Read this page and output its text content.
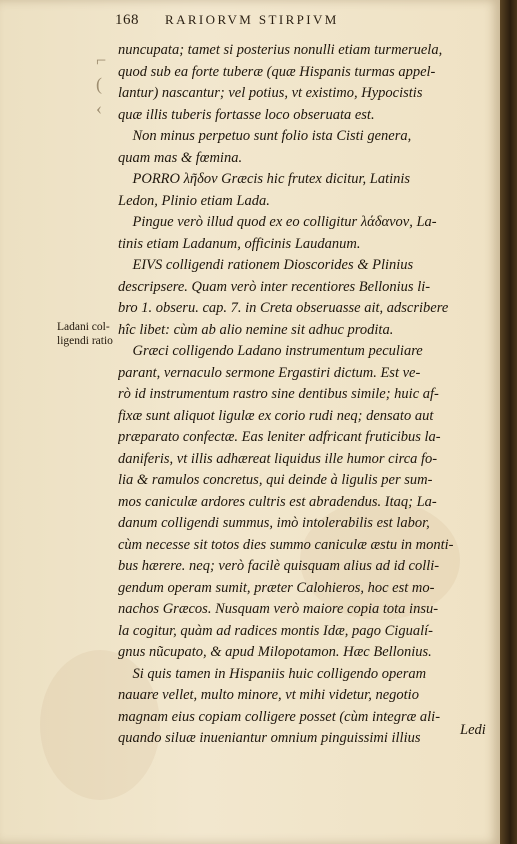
168 RARIORVM STIRPIVM
⌐
(
‹
Ladani col-
ligendi ratio
nuncupata; tamet si posterius nonulli etiam turmeruela,
quod sub ea forte tuberæ (quæ Hispanis turmas appel-
lantur) nascantur; vel potius, vt existimo, Hypocistis
quæ illis tuberis fortasse loco obseruata est.
Non minus perpetuo sunt folio ista Cisti genera,
quam mas & fœmina.
PORRO λῆδον Græcis hic frutex dicitur, Latinis
Ledon, Plinio etiam Lada.
Pingue verò illud quod ex eo colligitur λάδανον, La-
tinis etiam Ladanum, officinis Laudanum.
EIVS colligendi rationem Dioscorides & Plinius
descripsere. Quam verò inter recentiores Bellonius li-
bro 1. obseru. cap. 7. in Creta obseruasse ait, adscribere
hîc libet: cùm ab alio nemine sit adhuc prodita.
Græci colligendo Ladano instrumentum peculiare
parant, vernaculo sermone Ergastiri dictum. Est ve-
rò id instrumentum rastro sine dentibus simile; huic af-
fixæ sunt aliquot ligulæ ex corio rudi neq; densato aut
præparato confectæ. Eas leniter adfricant fruticibus la-
daniferis, vt illis adhæreat liquidus ille humor circa fo-
lia & ramulos concretus, qui deinde à ligulis per sum-
mos caniculæ ardores cultris est abradendus. Itaq; La-
danum colligendi summus, imò intolerabilis est labor,
cùm necesse sit totos dies summo caniculæ æstu in monti-
bus hærere. neq; verò facilè quisquam alius ad id colli-
gendum operam sumit, præter Calohieros, hoc est mo-
nachos Græcos. Nusquam verò maiore copia tota insu-
la cogitur, quàm ad radices montis Idæ, pago Cigualí-
gnus nũcupato, & apud Milopotamon. Hæc Bellonius.
Si quis tamen in Hispaniis huic colligendo operam
nauare vellet, multo minore, vt mihi videtur, negotio
magnam eius copiam colligere posset (cùm integræ ali-
quando siluæ inueniantur omnium pinguissimi illius	Ledi
